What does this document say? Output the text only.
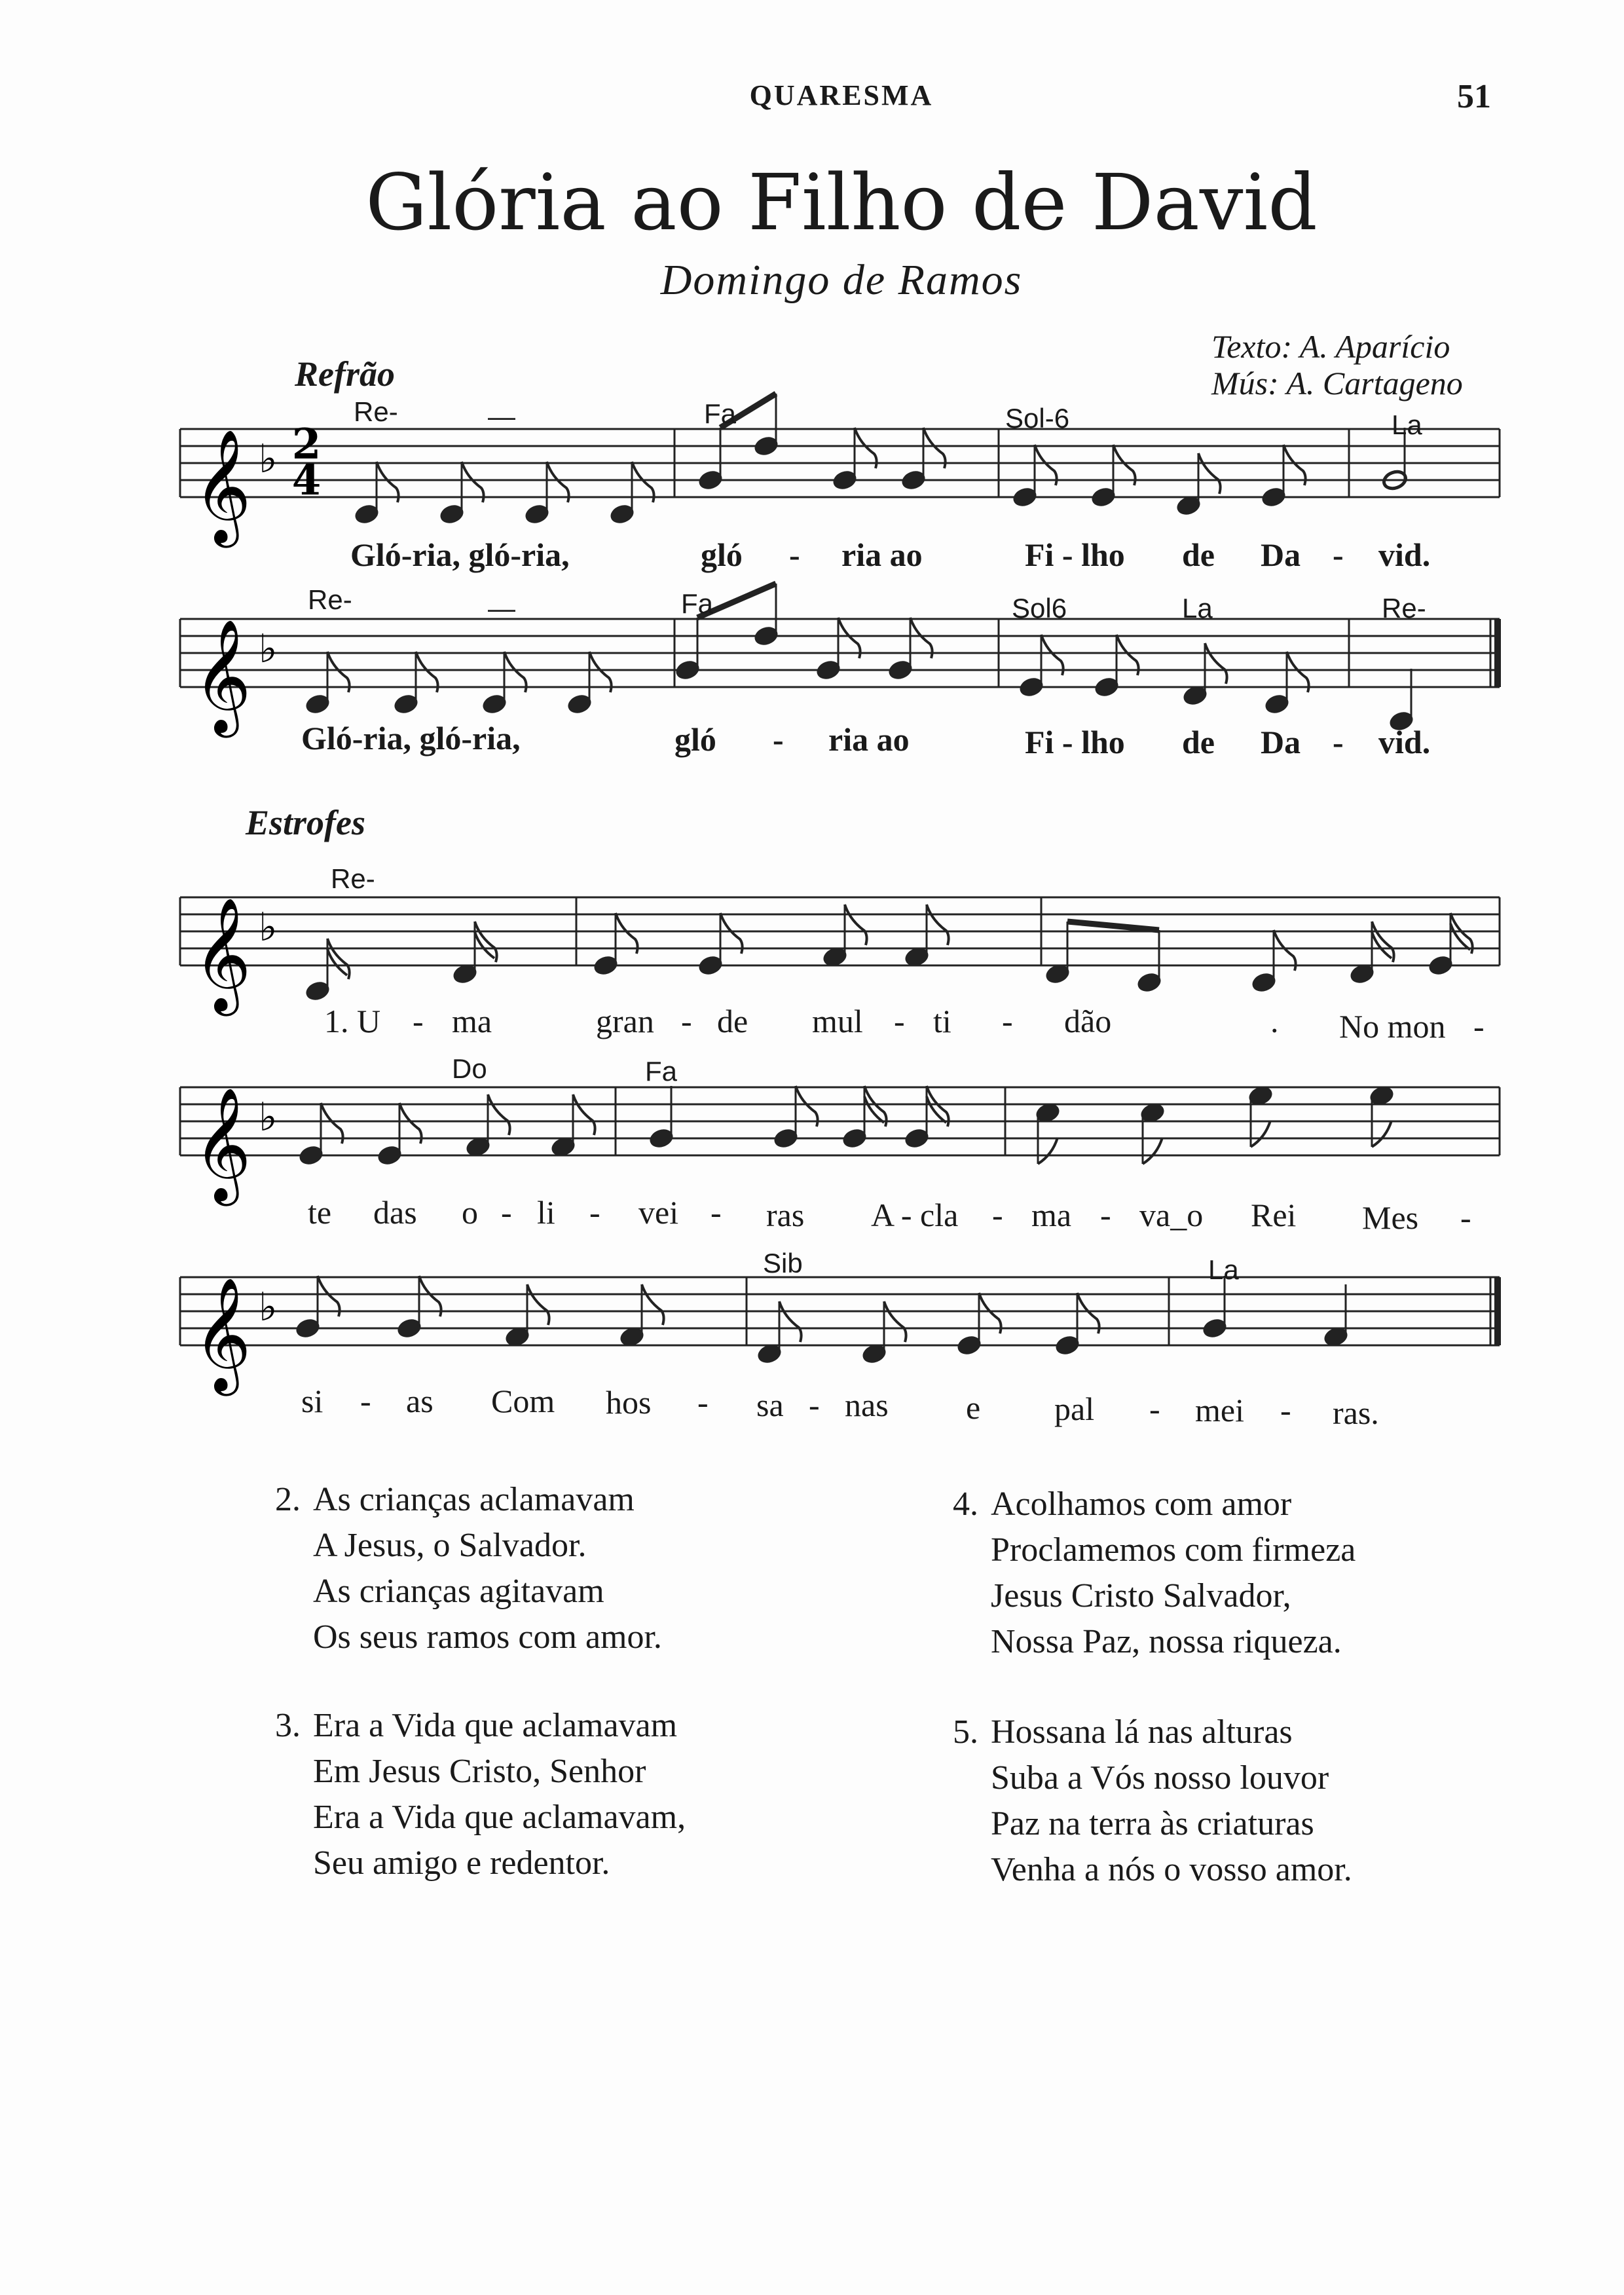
QUARESMA	51
Glória ao Filho de David
Domingo de Ramos
Texto: A. Aparício
Mús: A. Cartageno
Refrão
Estrofes
𝄞 ♭
𝄞 ♭
𝄞 ♭
𝄞 ♭
𝄞 ♭
2
4
Re-	—	Fa	Sol-6	La
Gló-ria, gló-ria,	gló - ria ao	Fi - lho de Da - vid.
Re-	—	Fa	Sol6	La	Re-
Gló-ria, gló-ria,	gló - ria ao	Fi - lho de Da - vid.
Re-
1. U - ma	gran - de mul - ti - dão	. No mon -
Do	Fa
te das o - li - vei - ras A - cla - ma - va_o Rei Mes -
Sib	La
si - as Com hos - sa - nas e pal - mei - ras.
2. As crianças aclamavam
A Jesus, o Salvador.
As crianças agitavam
Os seus ramos com amor.
3. Era a Vida que aclamavam
Em Jesus Cristo, Senhor
Era a Vida que aclamavam,
Seu amigo e redentor.
4. Acolhamos com amor
Proclamemos com firmeza
Jesus Cristo Salvador,
Nossa Paz, nossa riqueza.
5. Hossana lá nas alturas
Suba a Vós nosso louvor
Paz na terra às criaturas
Venha a nós o vosso amor.
